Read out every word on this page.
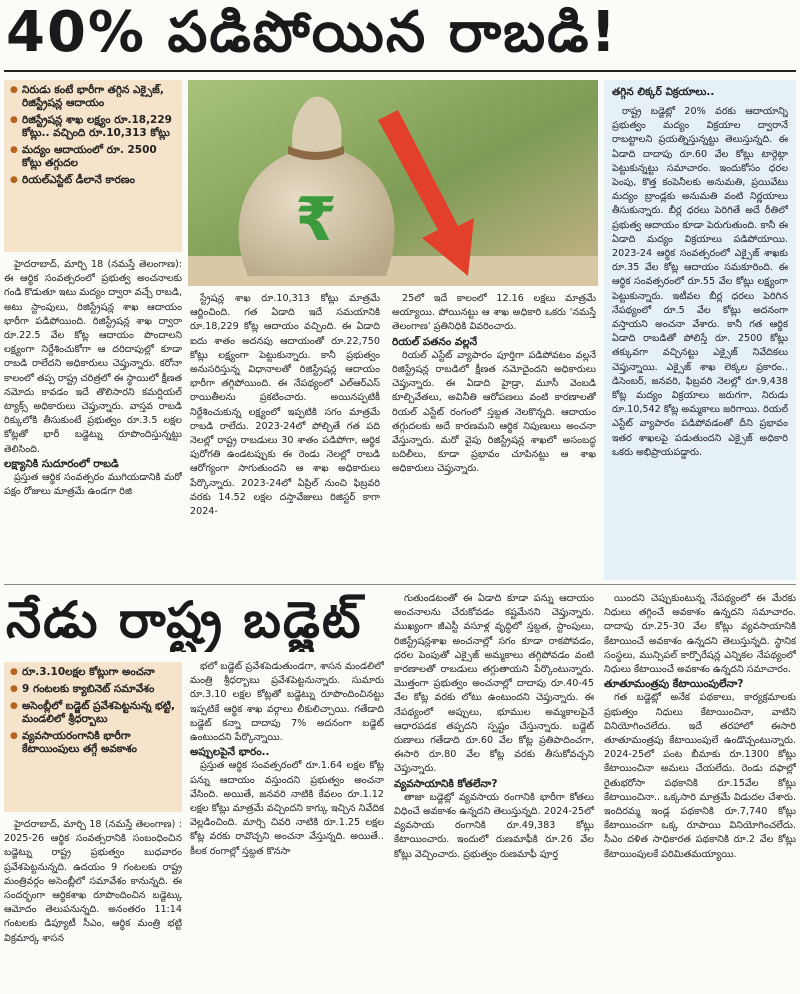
40% పడిపోయిన రాబడి!
● నిరుడు కంటే భారీగా తగ్గిన ఎక్సైజ్, రిజిస్ట్రేషన్ల ఆదాయం
● రిజిస్ట్రేషన్ల శాఖ లక్ష్యం రూ.18,229 కోట్లు.. వచ్చింది రూ.10,313 కోట్లు
● మద్యం ఆదాయంలో రూ. 2500 కోట్లు తగ్గుదల
● రియల్ఎస్టేట్ డీలానే కారణం
₹
తగ్గిన లిక్కర్ విక్రయాలు..

రాష్ట్ర బడ్జెట్లో 20% వరకు ఆదాయాన్ని ప్రభుత్వం మద్యం విక్రయాల ద్వారానే రాబట్టాలని ప్రయత్నిస్తున్నట్టు తెలుస్తున్నది. ఈ ఏడాది దాదాపు రూ.60 వేల కోట్లు టార్గెట్గా పెట్టుకున్నట్టు సమాచారం. ఇందుకోసం ధరల పెంపు, కొత్త కంపెనీలకు అనుమతి, ప్రయివేటు మద్యం బ్రాండ్లకు అనుమతి వంటి నిర్ణయాలు తీసుకున్నారు. బీర్ల ధరలు పెరిగితే అదే రీతిలో ప్రభుత్వ ఆదాయం కూడా పెరుగుతుంది. కానీ ఈ ఏడాది మద్యం విక్రయాలు పడిపోయాయి. 2023-24 ఆర్థిక సంవత్సరంలో ఎక్సైజ్ శాఖకు రూ.35 వేల కోట్ల ఆదాయం సమకూరింది. ఈ ఆర్థిక సంవత్సరంలో రూ.55 వేల కోట్లు లక్ష్యంగా పెట్టుకున్నారు. ఇటీవల బీర్ల ధరలు పెరిగిన నేపథ్యంలో రూ.5 వేల కోట్లు అదనంగా వస్తాయని అంచనా వేశారు. కానీ గత ఆర్థిక ఏడాది రాబడితో పోలిస్తే రూ. 2500 కోట్లు తక్కువగా వచ్చినట్టు ఎక్సైజ్ నివేదికలు చెప్తున్నాయి. ఎక్సైజ్ శాఖ లెక్కల ప్రకారం.. డిసెంబర్, జనవరి, ఫిబ్రవరి నెలల్లో రూ.9,438 కోట్ల మద్యం విక్రయాలు జరుగగా, నిరుడు రూ.10,542 కోట్ల అమ్మకాలు జరిగాయి. రియల్ ఎస్టేట్ వ్యాపారం పడిపోవడంతో దీని ప్రభావం ఇతర శాఖలపై పడుతుందని ఎక్సైజ్ అధికారి ఒకరు అభిప్రాయపడ్డారు.

హైదరాబాద్, మార్చి 18 (నమస్తే తెలంగాణ): ఈ ఆర్థిక సంవత్సరంలో ప్రభుత్వ అంచనాలకు గండి కొడుతూ ఇటు మద్యం ద్వారా వచ్చే రాబడి, అటు స్టాంపులు, రిజిస్ట్రేషన్ల శాఖ ఆదాయం భారీగా పడిపోయింది. రిజిస్ట్రేషన్ల శాఖ ద్వారా రూ.22.5 వేల కోట్ల ఆదాయం పొందాలని లక్ష్యంగా నిర్దేశించుకోగా ఆ దరిదాపుల్లో కూడా రాబడి రాలేదని అధికారులు చెప్తున్నారు. కరోనా కాలంలో తప్ప రాష్ట్ర చరిత్రలో ఈ స్థాయిలో క్షీణత నమోదు కావడం ఇదే తొలిసారని కమర్షియల్ ట్యాక్స్ అధికారులు చెప్తున్నారు. వాస్తవ రాబడి రిక్కులోకి తీసుకుంటే ప్రభుత్వం రూ.3.5 లక్షల కోట్లతో భారీ బడ్జెట్ను రూపొందిస్తున్నట్టు తెలిసింది.

లక్ష్యానికి సుదూరంలో రాబడి

ప్రస్తుత ఆర్థిక సంవత్సరం ముగియడానికి మరో పక్షం రోజులు మాత్రమే ఉండగా రిజి

స్ట్రేషన్ల శాఖ రూ.10,313 కోట్లు మాత్రమే ఆర్జించింది. గత ఏడాది ఇదే సమయానికి రూ.18,229 కోట్ల ఆదాయం వచ్చింది. ఈ ఏడాది ఐదు శాతం అదనపు ఆదాయంతో రూ.22,750 కోట్లు లక్ష్యంగా పెట్టుకున్నారు. కానీ ప్రభుత్వం అనుసరిస్తున్న విధానాలతో రిజిస్ట్రేషన్ల ఆదాయం భారీగా తగ్గిపోయింది. ఈ నేపథ్యంలో ఎల్ఆర్ఎస్ రాయితీలను ప్రకటించారు. అయినప్పటికీ నిర్దేశించుకున్న లక్ష్యంలో ఇప్పటికి సగం మాత్రమే రాబడి రాలేదు. 2023-24లో పోల్చితే గత పది నెలల్లో రాష్ట్ర రాబడులు 30 శాతం పడిపోగా, ఆర్థిక పురోగతి ఉండటప్పుకు ఈ రెండు నెలల్లో రాబడి ఆరోగ్యంగా సాగుతుందని ఆ శాఖ అధికారులు పేర్కొన్నారు. 2023-24లో ఏప్రిల్ నుంచి ఫిబ్రవరి వరకు 14.52 లక్షల దస్తావేజులు రిజిస్టర్ కాగా 2024-

25లో ఇదే కాలంలో 12.16 లక్షలు మాత్రమే అయ్యాయి. పోయినట్టు ఆ శాఖ అధికారి ఒకరు 'నమస్తే తెలంగాణ' ప్రతినిధికి వివరించారు.

రియల్ పతనం వల్లనే

రియల్ ఎస్టేట్ వ్యాపారం పూర్తిగా పడిపోవటం వల్లనే రిజిస్ట్రేషన్ల రాబడిలో క్షీణత నమోదైందని అధికారులు చెప్తున్నారు. ఈ ఏడాది హైడ్రా, మూసీ వెంబడి కూల్చివేతలు, అవినీతి ఆరోపణలు వంటి కారణాలతో రియల్ ఎస్టేట్ రంగంలో స్తబ్దత నెలకొన్నది. ఆదాయం తగ్గుదలకు అదే కారణమని ఆర్థిక నిపుణులు అంచనా వేస్తున్నారు. మరో వైపు రిజిస్ట్రేషన్ల శాఖలో అసంబద్ధ బదిలీలు, కూడా ప్రభావం చూపినట్టు ఆ శాఖ అధికారులు చెప్తున్నారు.

నేడు రాష్ట్ర బడ్జెట్
● రూ.3.10లక్షల కోట్లుగా అంచనా
● 9 గంటలకు క్యాబినెట్ సమావేశం
● అసెంబ్లీలో బడ్జెట్ ప్రవేశపెట్టనున్న భట్టి, మండలిలో శ్రీధర్బాబు
● వ్యవసాయరంగానికి భారీగా కేటాయింపులు తగ్గే అవకాశం

హైదరాబాద్, మార్చి 18 (నమస్తే తెలంగాణ) : 2025-26 ఆర్థిక సంవత్సరానికి సంబంధించిన బడ్జెట్ను రాష్ట్ర ప్రభుత్వం బుధవారం ప్రవేశపెట్టనున్నది. ఉదయం 9 గంటలకు రాష్ట్ర మంత్రివర్గం అసెంబ్లీలో సమావేశం కానున్నది. ఈ సందర్భంగా ఆర్థికశాఖ రూపొందించిన బడ్జెట్కు ఆమోదం తెలుపనున్నది. అనంతరం 11:14 గంటలకు డిప్యూటీ సీఎం, ఆర్థిక మంత్రి భట్టి విక్రమార్క శాసన

భలో బడ్జెట్ ప్రవేశపెడుతుండగా, శాసన మండలిలో మంత్రి శ్రీధర్బాబు ప్రవేశపెట్టనున్నారు. సుమారు రూ.3.10 లక్షల కోట్లతో బడ్జెట్ను రూపొందించినట్టు ఇప్పటికే ఆర్థిక శాఖ వర్గాలు లీకులిచ్చాయి. గతేడాది బడ్జెట్ కన్నా దాదాపు 7% అదనంగా బడ్జెట్ ఉంటుందని పేర్కొన్నాయి.

అప్పులపైనే భారం..

ప్రస్తుత ఆర్థిక సంవత్సరంలో రూ.1.64 లక్షల కోట్ల పన్ను ఆదాయం వస్తుందని ప్రభుత్వం అంచనా వేసింది. అయితే, జనవరి నాటికి కేవలం రూ.1.12 లక్షల కోట్లు మాత్రమే వచ్చిందని కాగ్కు ఇచ్చిన నివేదిక వెల్లడించింది. మార్చి చివరి నాటికి రూ.1.25 లక్షల కోట్ల వరకు రావొచ్చని అంచనా వేస్తున్నది. అయితే.. కీలక రంగాల్లో స్తబ్దత కొనసా

గుతుండటంతో ఈ ఏడాది కూడా పన్ను ఆదాయం అంచనాలను చేరుకోవడం కష్టమేనని చెప్తున్నారు. ముఖ్యంగా జీఎస్టీ వసూళ్ల వృద్ధిలో స్తబ్దత, స్టాంపులు, రిజిస్ట్రేషన్లశాఖ అంచనాల్లో సగం కూడా రాకపోవడం, ధరల పెంపుతో ఎక్సైజ్ అమ్మకాలు తగ్గిపోవడం వంటి కారణాలతో రాబడులు తగ్గుతాయని పేర్కొంటున్నారు. మొత్తంగా ప్రభుత్వం అంచనాల్లో దాదాపు రూ.40-45 వేల కోట్ల వరకు లోటు ఉంటుందని చెప్తున్నారు. ఈ నేపథ్యంలో అప్పులు, భూముల అమ్మకాలపైనే ఆధారపడక తప్పదని స్పష్టం చేస్తున్నారు. బడ్జెట్ రుణాలు గతేడాది రూ.60 వేల కోట్ల ప్రతిపాదించగా, ఈసారి రూ.80 వేల కోట్ల వరకు తీసుకోవచ్చని చెప్తున్నారు.

వ్యవసాయానికి కోతలేనా?

తాజా బడ్జెట్లో వ్యవసాయ రంగానికి భారీగా కోతలు విధించే అవకాశం ఉన్నదని తెలుస్తున్నది. 2024-25లో వ్యవసాయ రంగానికి రూ.49,383 కోట్లు కేటాయించారు. ఇందులో రుణమాఫీకి రూ.26 వేల కోట్లు వెచ్చించారు. ప్రభుత్వం రుణమాఫీ పూర్త

యిందని చెప్పుకుంటున్న నేపథ్యంలో ఈ మేరకు నిధులు తగ్గించే అవకాశం ఉన్నదని సమాచారం. దాదాపు రూ.25-30 వేల కోట్లు వ్యవసాయానికి కేటాయించే అవకాశం ఉన్నదని తెలుస్తున్నది. స్థానిక సంస్థలు, మున్సిపల్ కార్పొరేషన్ల ఎన్నికల నేపథ్యంలో నిధులు కేటాయించే అవకాశం ఉన్నదని సమాచారం.

తూతూమంత్రపు కేటాయింపులేనా?

గత బడ్జెట్లో అనేక పథకాలు, కార్యక్రమాలకు ప్రభుత్వం నిధులు కేటాయించినా, వాటిని వినియోగించలేదు. ఇదే తరహాలో ఈసారి తూతూమంత్రపు కేటాయింపులే ఉండొచ్చంటున్నారు. 2024-25లో పంట బీమాకు రూ.1300 కోట్లు కేటాయించినా అమలు చేయలేదు. రెండు దఫాల్లో రైతుభరోసా పథకానికి రూ.15వేల కోట్లు కేటాయించినా.. ఒక్కసారి మాత్రమే విడుదల చేశారు. ఇందిరమ్మ ఇండ్ల పథకానికి రూ.7,740 కోట్లు కేటాయించగా ఒక్క రూపాయి వినియోగించలేదు. సీఎం దళిత సాధికారత పథకానికి రూ.2 వేల కోట్లు కేటాయింపులకే పరిమితమయ్యాయి.
